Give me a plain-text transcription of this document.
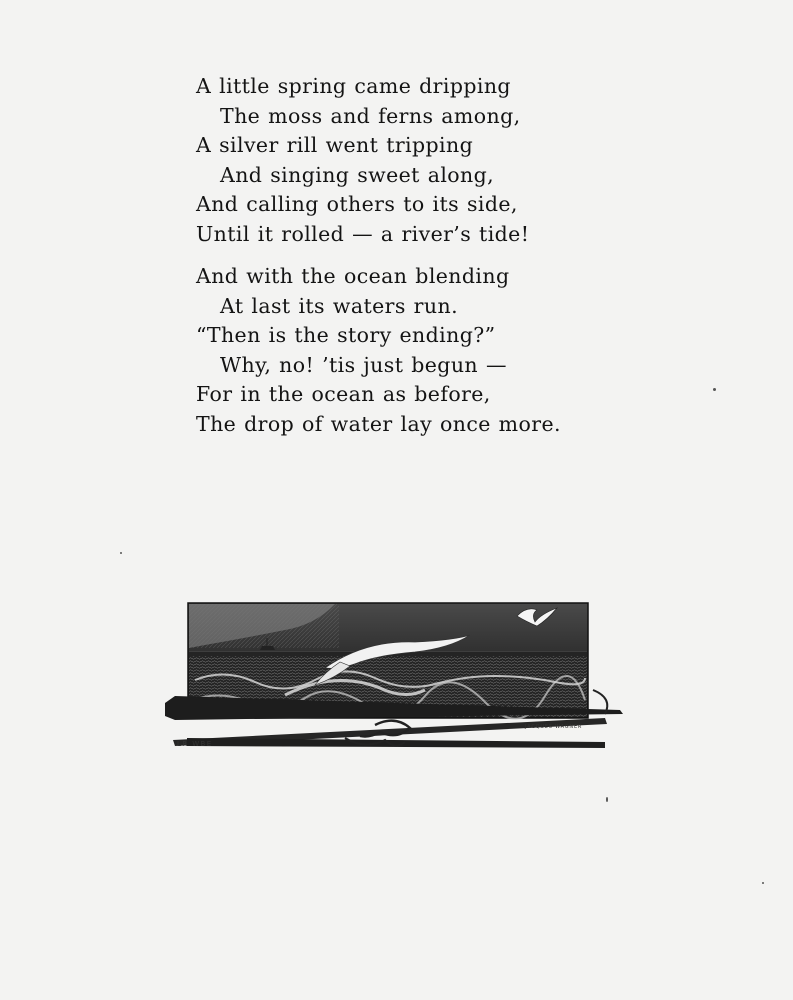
A little spring came dripping
The moss and ferns among,
A silver rill went tripping
And singing sweet along,
And calling others to its side,
Until it rolled — a river’s tide!
And with the ocean blending
At last its waters run.
“Then is the story ending?”
Why, no! ’tis just begun —
For in the ocean as before,
The drop of water lay once more.
LR WBE
JACQUES WAGNER
